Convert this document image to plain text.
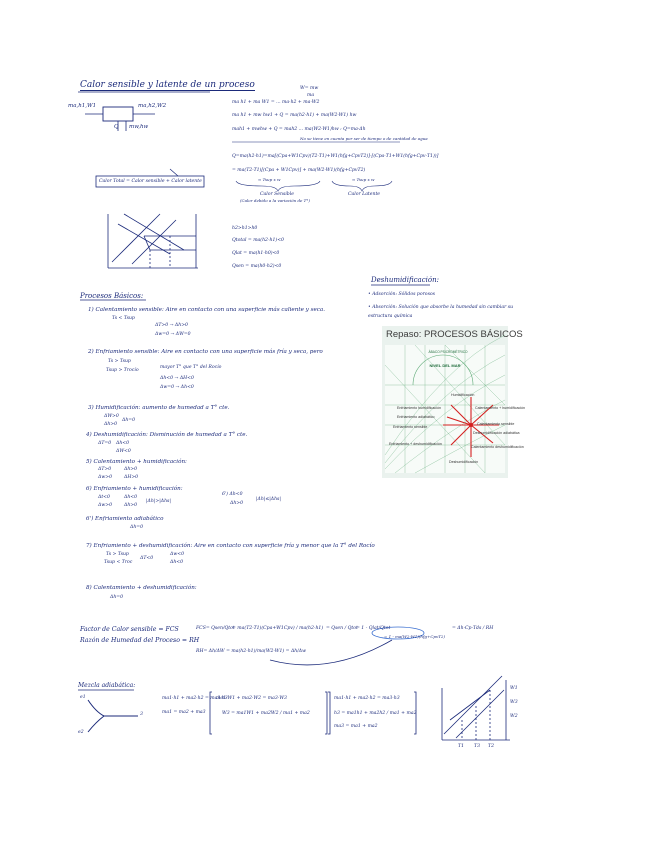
Calor sensible y latente de un proceso
ma,h1,W1	ma,h2,W2
Q mw,hw
W= mw
ma
ma h1 + ma W1 = ... ma·h2 + ma·W2
ma h1 + mw hw1 + Q = ma(h2-h1) + ma(W2-W1) hw
mah1 + mwhw + Q = mah2 ... ma(W2-W1)hw : Q=ma·Δh
No se tiene en cuenta por ser de tiempo o de cantidad de agua
Q=ma(h2-h1)=ma[(Cpa+W1Cpv)(T2-T1)+W1(hfg+CpvT2)]-[(Cpa·T1+W1(hfg+Cpv·T1))]
= ma(T2-T1)[(Cpa + W1Cpv)] + ma(W2-W1)(hfg+CpvT2)
≈ Tsup x w	≈ Tsup x w
Calor Sensible
(Calor debido a la variación de T°)
Calor Latente
Calor Total = Calor sensible + Calor latente
h2>h1>h0
Qtotal = ma(h2-h1)<0
Qlat = ma(h1-h0)<0
Qsen = ma(h0-h2)<0
Deshumidificación:
• Adsorción: Sólidos porosos
• Absorción: Solución que absorbe la humedad sin cambiar su estructura química
Repaso: PROCESOS BÁSICOS
ÁBACO PSICROMÉTRICO
NIVEL DEL MAR
Humidificación
Enfriamiento humidificación	Calentamiento + humidificación
Enfriamiento adiabático
Enfriamiento sensible
Calentamiento sensible
Deshumidificación adiabática
Enfriamiento + deshumidificación
Calentamiento deshumidificación
Deshumidificación
Procesos Básicos:
1) Calentamiento sensible: Aire en contacto con una superficie más caliente y seca.
Ts < Tsup
ΔT>0 → Δh>0
Δw=0 → ΔW=0
2) Enfriamiento sensible: Aire en contacto con una superficie más fría y seca, pero
Ts > Tsup
Tsup > Trocío
mayor T° que T° del Rocío
Δh<0 → ΔH<0
Δw=0 → Δh<0
3) Humidificación: aumento de humedad a T° cte.
ΔW>0
Δh>0
Δh=0
4) Deshumidificación: Disminución de humedad a T° cte.
ΔT=0 Δh<0
ΔW<0
5) Calentamiento + humidificación:
ΔT>0
Δw>0
Δh>0
ΔH>0
6) Enfriamiento + humidificación:
Δt<0
Δw>0
Δh<0
Δh>0
|Δh|>|Δhs|
6') Δh<0
Δh>0
|Δh|≤|Δhs|
6') Enfriamiento adiabático
Δh=0
7) Enfriamiento + deshumidificación: Aire en contacto con superficie fría y menor que la T° del Rocío
Ts > Tsup
Tsup < Troc
ΔT<0
Δw<0
Δh<0
8) Calentamiento + deshumidificación:
Δh=0
Factor de Calor sensible = FCS
Razón de Humedad del Proceso = RH
FCS= Qsen/Qtot
= ma(T2-T1)(Cpa+W1Cpv) / ma(h2-h1) = Qsen / Qtot
= 1 - Qlat/Qtot
= 1 - ma(W2-W1)(hfg+CpvT2)
= Δh·Cp·Tds / RH
RH= Δh/ΔW = ma(h2-h1)/ma(W2-W1) = Δh/Δw
Mezcla adiabática:
e1
e2
3
ma1·h1 + ma2·h2 = ma3·h3
ma1 = ma2 + ma3
ma1·W1 + ma2·W2 = ma3·W3
W3 = ma1W1 + ma2W2 / ma1 + ma2
ma1·h1 + ma2·h2 = ma3·h3
h3 = ma1h1 + ma2h2 / ma1 + ma2
ma3 = ma1 + ma2
T1 T3 T2
W1
W3
W2
